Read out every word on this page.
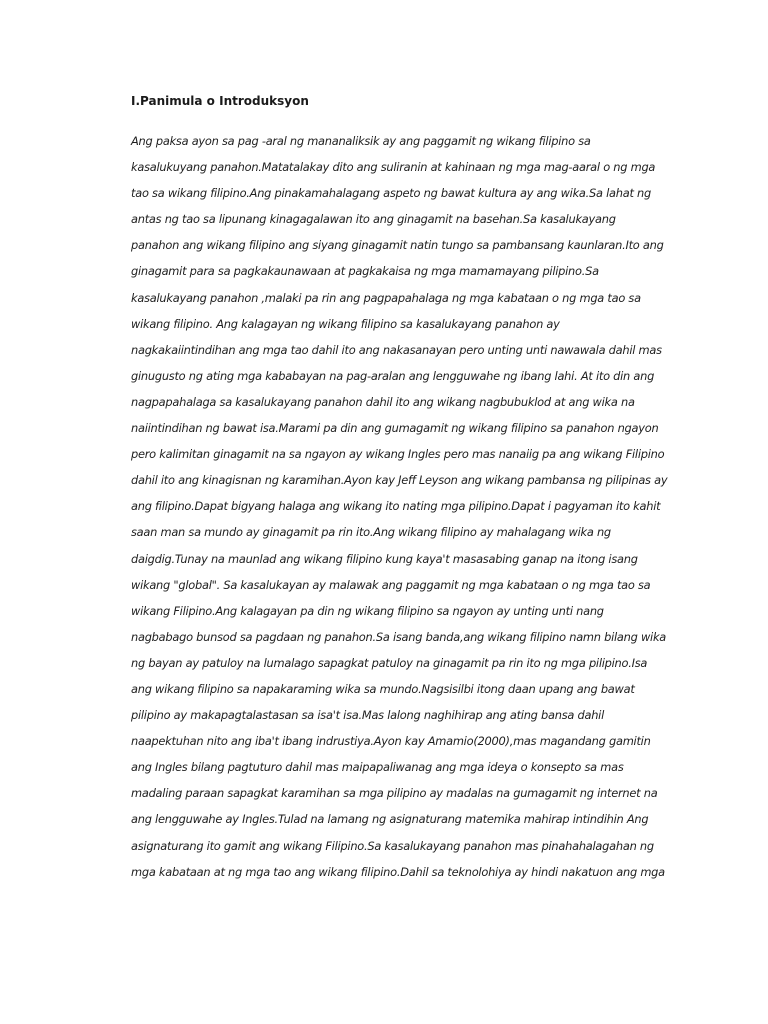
I.Panimula o Introduksyon
Ang paksa ayon sa pag -aral ng mananaliksik ay ang paggamit ng wikang filipino sa
kasalukuyang panahon.Matatalakay dito ang suliranin at kahinaan ng mga mag-aaral o ng mga
tao sa wikang filipino.Ang pinakamahalagang aspeto ng bawat kultura ay ang wika.Sa lahat ng
antas ng tao sa lipunang kinagagalawan ito ang ginagamit na basehan.Sa kasalukayang
panahon ang wikang filipino ang siyang ginagamit natin tungo sa pambansang kaunlaran.Ito ang
ginagamit para sa pagkakaunawaan at pagkakaisa ng mga mamamayang pilipino.Sa
kasalukayang panahon ,malaki pa rin ang pagpapahalaga ng mga kabataan o ng mga tao sa
wikang filipino. Ang kalagayan ng wikang filipino sa kasalukayang panahon ay
nagkakaiintindihan ang mga tao dahil ito ang nakasanayan pero unting unti nawawala dahil mas
ginugusto ng ating mga kababayan na pag-aralan ang lengguwahe ng ibang lahi. At ito din ang
nagpapahalaga sa kasalukayang panahon dahil ito ang wikang nagbubuklod at ang wika na
naiintindihan ng bawat isa.Marami pa din ang gumagamit ng wikang filipino sa panahon ngayon
pero kalimitan ginagamit na sa ngayon ay wikang Ingles pero mas nanaiig pa ang wikang Filipino
dahil ito ang kinagisnan ng karamihan.Ayon kay Jeff Leyson ang wikang pambansa ng pilipinas ay
ang filipino.Dapat bigyang halaga ang wikang ito nating mga pilipino.Dapat i pagyaman ito kahit
saan man sa mundo ay ginagamit pa rin ito.Ang wikang filipino ay mahalagang wika ng
daigdig.Tunay na maunlad ang wikang filipino kung kaya't masasabing ganap na itong isang
wikang "global". Sa kasalukayan ay malawak ang paggamit ng mga kabataan o ng mga tao sa
wikang Filipino.Ang kalagayan pa din ng wikang filipino sa ngayon ay unting unti nang
nagbabago bunsod sa pagdaan ng panahon.Sa isang banda,ang wikang filipino namn bilang wika
ng bayan ay patuloy na lumalago sapagkat patuloy na ginagamit pa rin ito ng mga pilipino.Isa
ang wikang filipino sa napakaraming wika sa mundo.Nagsisilbi itong daan upang ang bawat
pilipino ay makapagtalastasan sa isa't isa.Mas lalong naghihirap ang ating bansa dahil
naapektuhan nito ang iba't ibang indrustiya.Ayon kay Amamio(2000),mas magandang gamitin
ang Ingles bilang pagtuturo dahil mas maipapaliwanag ang mga ideya o konsepto sa mas
madaling paraan sapagkat karamihan sa mga pilipino ay madalas na gumagamit ng internet na
ang lengguwahe ay Ingles.Tulad na lamang ng asignaturang matemika mahirap intindihin Ang
asignaturang ito gamit ang wikang Filipino.Sa kasalukayang panahon mas pinahahalagahan ng
mga kabataan at ng mga tao ang wikang filipino.Dahil sa teknolohiya ay hindi nakatuon ang mga
